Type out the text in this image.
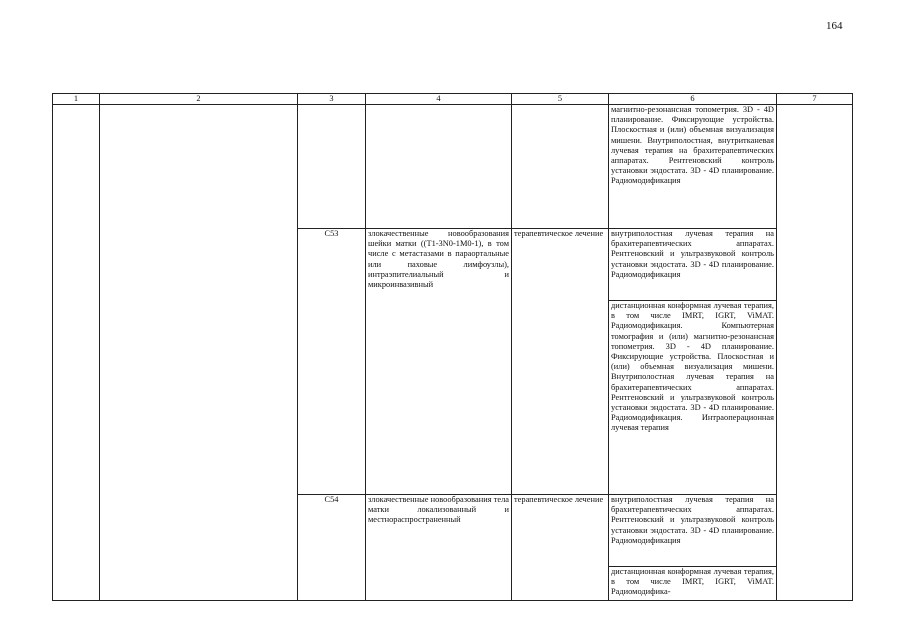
164
1	2	3	4	5	6	7
					магнитно-резонансная топометрия. 3D - 4D планирование. Фиксирующие устройства. Плоскостная и (или) объемная визуализация мишени. Внутриполостная, внутритканевая лучевая терапия на брахитерапевтических аппаратах. Рентгеновский контроль установки эндостата. 3D - 4D планирование. Радиомодификация	
		C53	злокачественные новообразования шейки матки ((T1-3N0-1M0-1), в том числе с метастазами в параортальные или паховые лимфоузлы), интраэпителиальный и микроинвазивный	терапевтическое лечение	внутриполостная лучевая терапия на брахитерапевтических аппаратах. Рентгеновский и ультразвуковой контроль установки эндостата. 3D - 4D планирование. Радиомодификация	
					дистанционная конформная лучевая терапия, в том числе IMRT, IGRT, ViMAT. Радиомодификация. Компьютерная томография и (или) магнитно-резонансная топометрия. 3D - 4D планирование. Фиксирующие устройства. Плоскостная и (или) объемная визуализация мишени. Внутриполостная лучевая терапия на брахитерапевтических аппаратах. Рентгеновский и ультразвуковой контроль установки эндостата. 3D - 4D планирование. Радиомодификация. Интраоперационная лучевая терапия	
		C54	злокачественные новообразования тела матки локализованный и местнораспространенный	терапевтическое лечение	внутриполостная лучевая терапия на брахитерапевтических аппаратах. Рентгеновский и ультразвуковой контроль установки эндостата. 3D - 4D планирование. Радиомодификация	
					дистанционная конформная лучевая терапия, в том числе IMRT, IGRT, ViMAT. Радиомодифика-	
